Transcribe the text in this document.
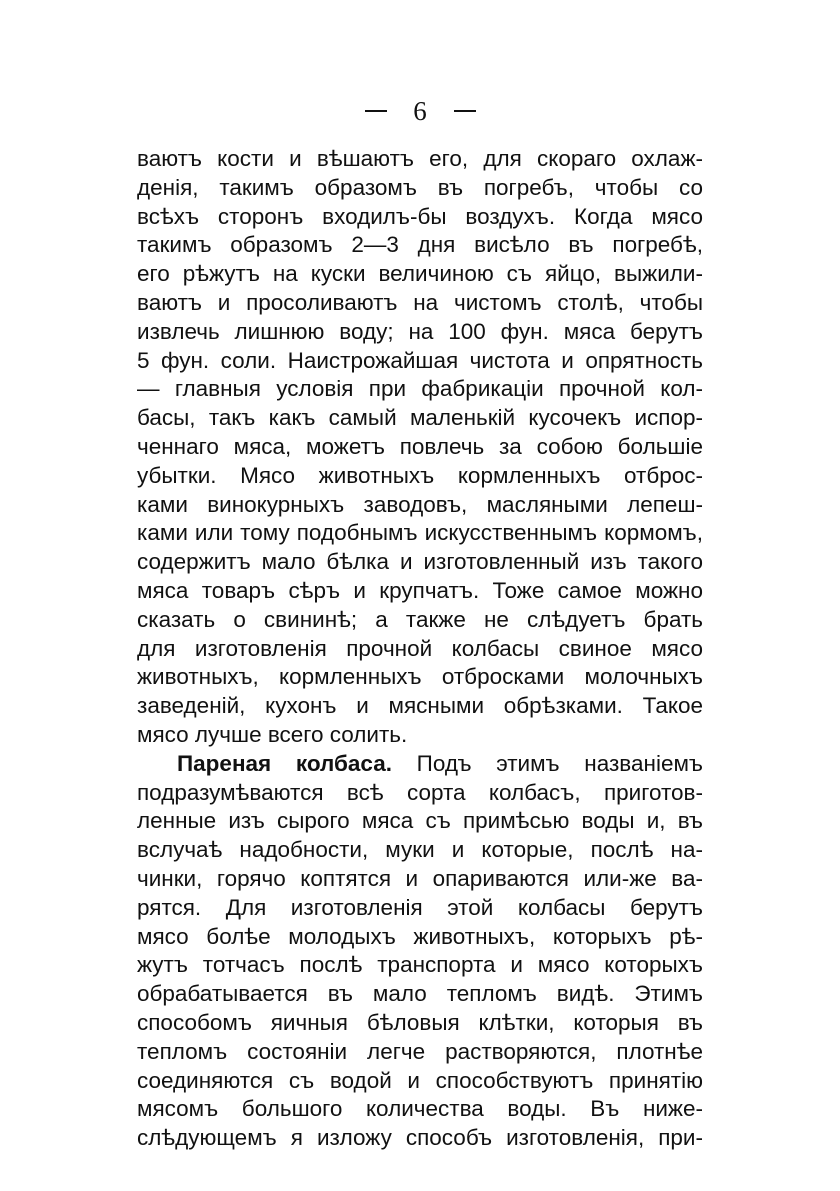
6
ваютъ кости и вѣшаютъ его, для скораго охлаж-
денія, такимъ образомъ въ погребъ, чтобы со
всѣхъ сторонъ входилъ-бы воздухъ. Когда мясо
такимъ образомъ 2—3 дня висѣло въ погребѣ,
его рѣжутъ на куски величиною съ яйцо, выжили-
ваютъ и просоливаютъ на чистомъ столѣ, чтобы
извлечь лишнюю воду; на 100 фун. мяса берутъ
5 фун. соли. Наистрожайшая чистота и опрятность
— главныя условія при фабрикаціи прочной кол-
басы, такъ какъ самый маленькій кусочекъ испор-
ченнаго мяса, можетъ повлечь за собою большіе
убытки. Мясо животныхъ кормленныхъ отброс-
ками винокурныхъ заводовъ, масляными лепеш-
ками или тому подобнымъ искусственнымъ кормомъ,
содержитъ мало бѣлка и изготовленный изъ такого
мяса товаръ сѣръ и крупчатъ. Тоже самое можно
сказать о свининѣ; а также не слѣдуетъ брать
для изготовленія прочной колбасы свиное мясо
животныхъ, кормленныхъ отбросками молочныхъ
заведеній, кухонъ и мясными обрѣзками. Такое
мясо лучше всего солить.
Пареная колбаса. Подъ этимъ названіемъ
подразумѣваются всѣ сорта колбасъ, приготов-
ленные изъ сырого мяса съ примѣсью воды и, въ
вслучаѣ надобности, муки и которые, послѣ на-
чинки, горячо коптятся и опариваются или-же ва-
рятся. Для изготовленія этой колбасы берутъ
мясо болѣе молодыхъ животныхъ, которыхъ рѣ-
жутъ тотчасъ послѣ транспорта и мясо которыхъ
обрабатывается въ мало тепломъ видѣ. Этимъ
способомъ яичныя бѣловыя клѣтки, которыя въ
тепломъ состояніи легче растворяются, плотнѣе
соединяются съ водой и способствуютъ принятію
мясомъ большого количества воды. Въ ниже-
слѣдующемъ я изложу способъ изготовленія, при-
